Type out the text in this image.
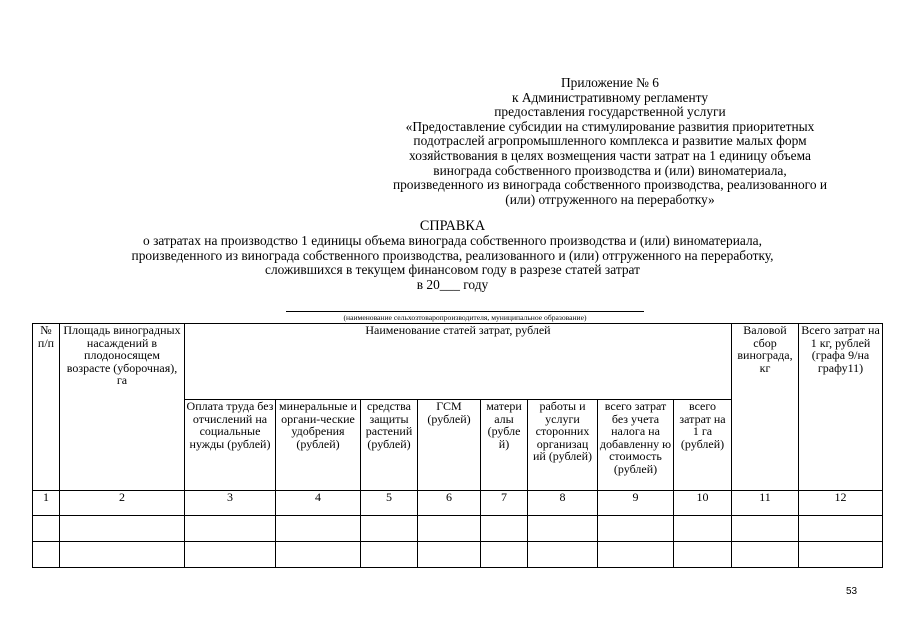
Приложение № 6
к Административному регламенту
предоставления государственной услуги
«Предоставление субсидии на стимулирование развития приоритетных
подотраслей агропромышленного комплекса и развитие малых форм
хозяйствования в целях возмещения части затрат на 1 единицу объема
винограда собственного производства и (или) виноматериала,
произведенного из винограда собственного производства, реализованного и
(или) отгруженного на переработку»
СПРАВКА
о затратах на производство 1 единицы объема винограда собственного производства и (или) виноматериала,
произведенного из винограда собственного производства, реализованного и (или) отгруженного на переработку,
сложившихся в текущем финансовом году в разрезе статей затрат
в 20___ году
(наименование сельхозтоваропроизводителя, муниципальное образование)
№ п/п	Площадь виноградных насаждений в плодоносящем возрасте (уборочная), га	Наименование статей затрат, рублей								Валовой сбор винограда, кг	Всего затрат на 1 кг, рублей (графа 9/на графу11)
		Оплата труда без отчислений на социальные нужды (рублей)	минеральные и органи-ческие удобрения (рублей)	средства защиты растений (рублей)	ГСМ (рублей)	матери алы (рубле й)	работы и услуги сторонних организац ий (рублей)	всего затрат без учета налога на добавленну ю стоимость (рублей)	всего затрат на 1 га (рублей)		
1	2	3	4	5	6	7	8	9	10	11	12

53
